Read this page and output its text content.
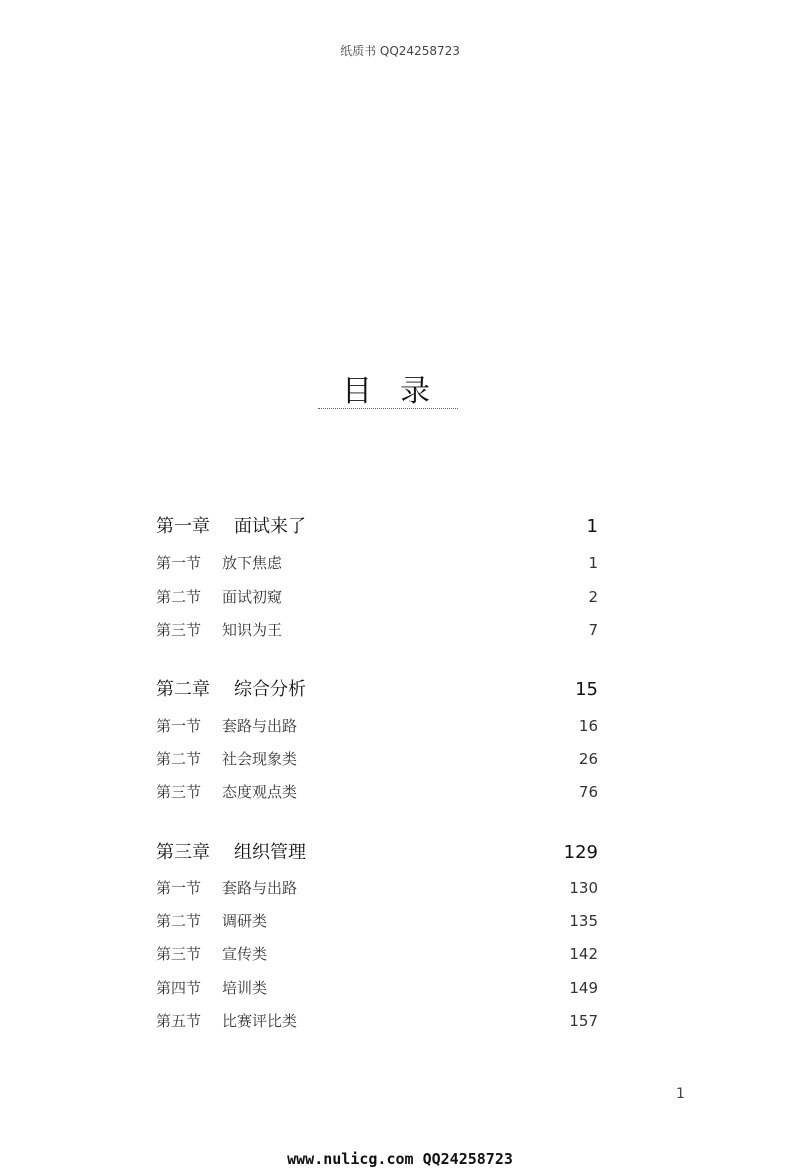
纸质书 QQ24258723
目录
第一章	面试来了	1
第一节	放下焦虑	1
第二节	面试初窥	2
第三节	知识为王	7
第二章	综合分析	15
第一节	套路与出路	16
第二节	社会现象类	26
第三节	态度观点类	76
第三章	组织管理	129
第一节	套路与出路	130
第二节	调研类	135
第三节	宣传类	142
第四节	培训类	149
第五节	比赛评比类	157
1
www.nulicg.com QQ24258723
